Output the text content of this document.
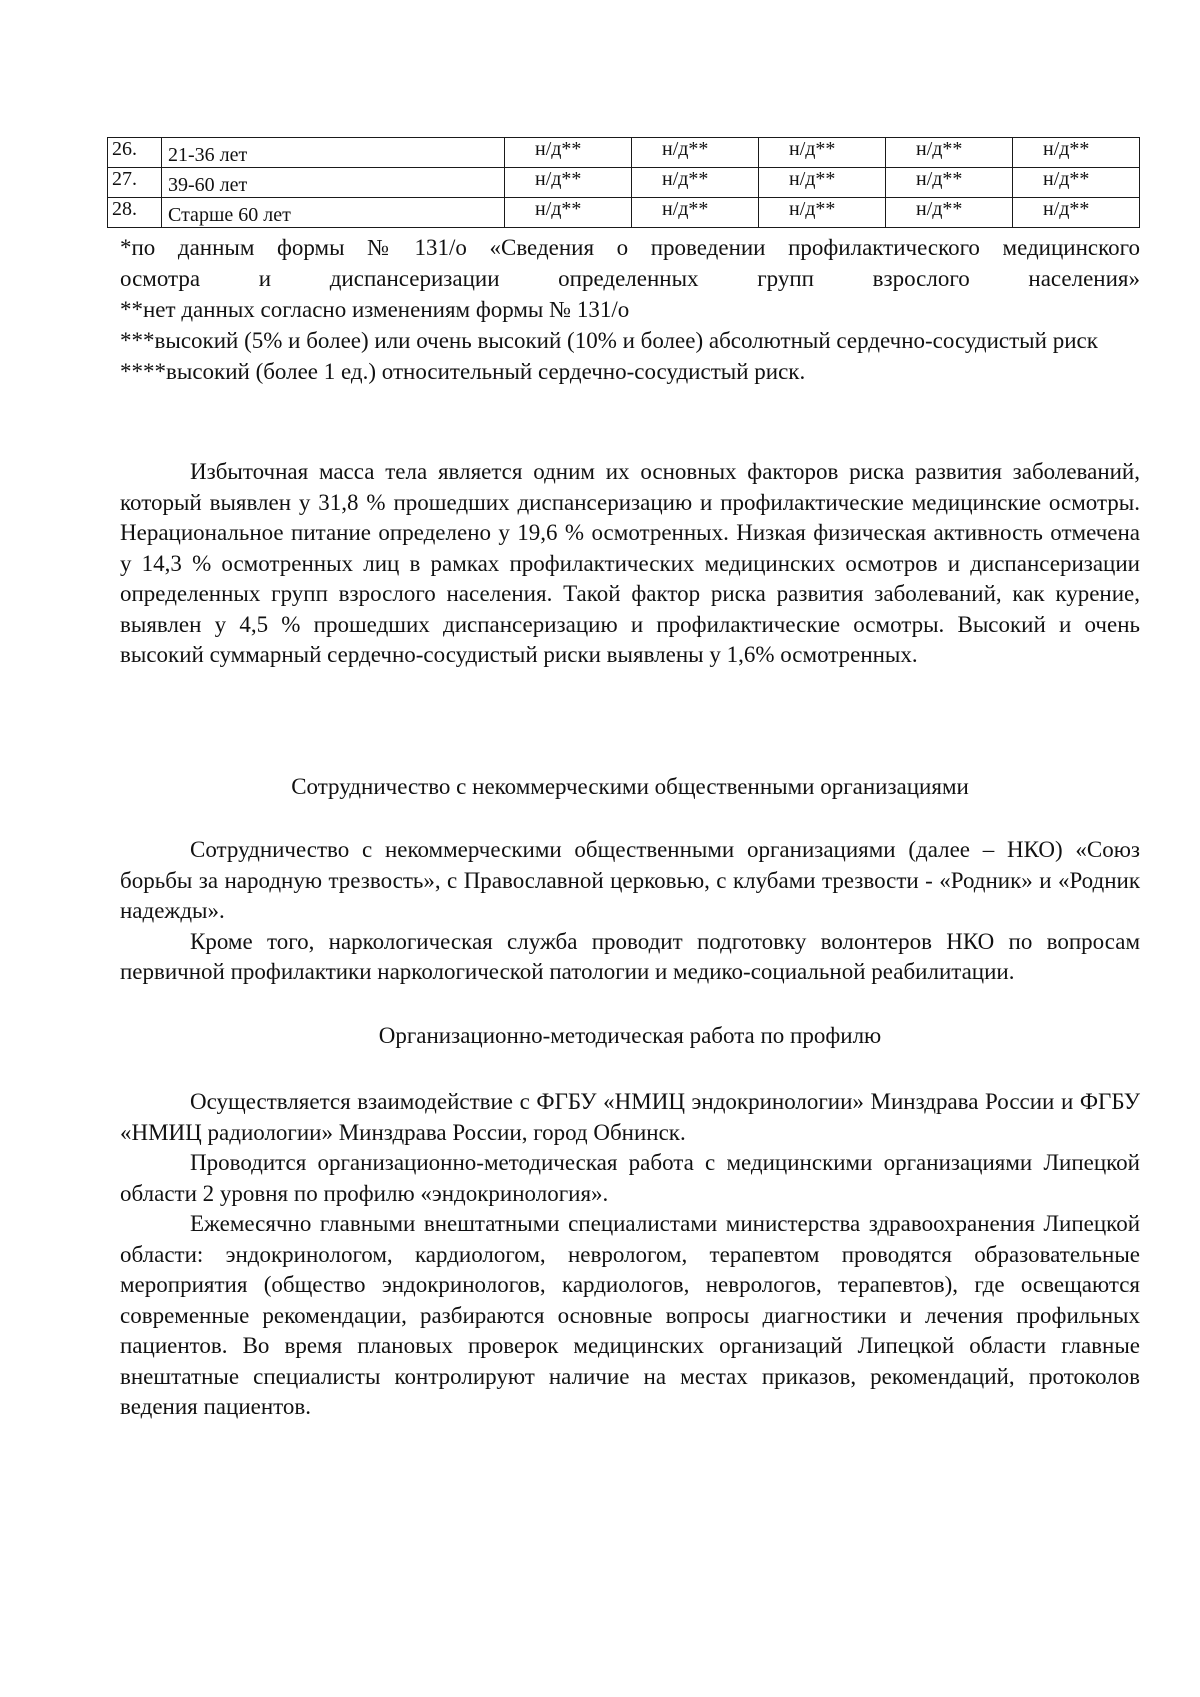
26.	21-36 лет	н/д**	н/д**	н/д**	н/д**	н/д**
27.	39-60 лет	н/д**	н/д**	н/д**	н/д**	н/д**
28.	Старше 60 лет	н/д**	н/д**	н/д**	н/д**	н/д**

*по данным формы № 131/о «Сведения о проведении профилактического медицинского осмотра и диспансеризации определенных групп взрослого населения»

**нет данных согласно изменениям формы № 131/о

***высокий (5% и более) или очень высокий (10% и более) абсолютный сердечно-сосудистый риск

****высокий (более 1 ед.) относительный сердечно-сосудистый риск.

Избыточная масса тела является одним их основных факторов риска развития заболеваний, который выявлен у 31,8 % прошедших диспансеризацию и профилактические медицинские осмотры. Нерациональное питание определено у 19,6 % осмотренных. Низкая физическая активность отмечена у 14,3 % осмотренных лиц в рамках профилактических медицинских осмотров и диспансеризации определенных групп взрослого населения. Такой фактор риска развития заболеваний, как курение, выявлен у 4,5 % прошедших диспансеризацию и профилактические осмотры. Высокий и очень высокий суммарный сердечно-сосудистый риски выявлены у 1,6% осмотренных.

Сотрудничество с некоммерческими общественными организациями

Сотрудничество с некоммерческими общественными организациями (далее – НКО) «Союз борьбы за народную трезвость», с Православной церковью, с клубами трезвости - «Родник» и «Родник надежды».

Кроме того, наркологическая служба проводит подготовку волонтеров НКО по вопросам первичной профилактики наркологической патологии и медико-социальной реабилитации.

Организационно-методическая работа по профилю

Осуществляется взаимодействие с ФГБУ «НМИЦ эндокринологии» Минздрава России и ФГБУ «НМИЦ радиологии» Минздрава России, город Обнинск.

Проводится организационно-методическая работа с медицинскими организациями Липецкой области 2 уровня по профилю «эндокринология».

Ежемесячно главными внештатными специалистами министерства здравоохранения Липецкой области: эндокринологом, кардиологом, неврологом, терапевтом проводятся образовательные мероприятия (общество эндокринологов, кардиологов, неврологов, терапевтов), где освещаются современные рекомендации, разбираются основные вопросы диагностики и лечения профильных пациентов. Во время плановых проверок медицинских организаций Липецкой области главные внештатные специалисты контролируют наличие на местах приказов, рекомендаций, протоколов ведения пациентов.
